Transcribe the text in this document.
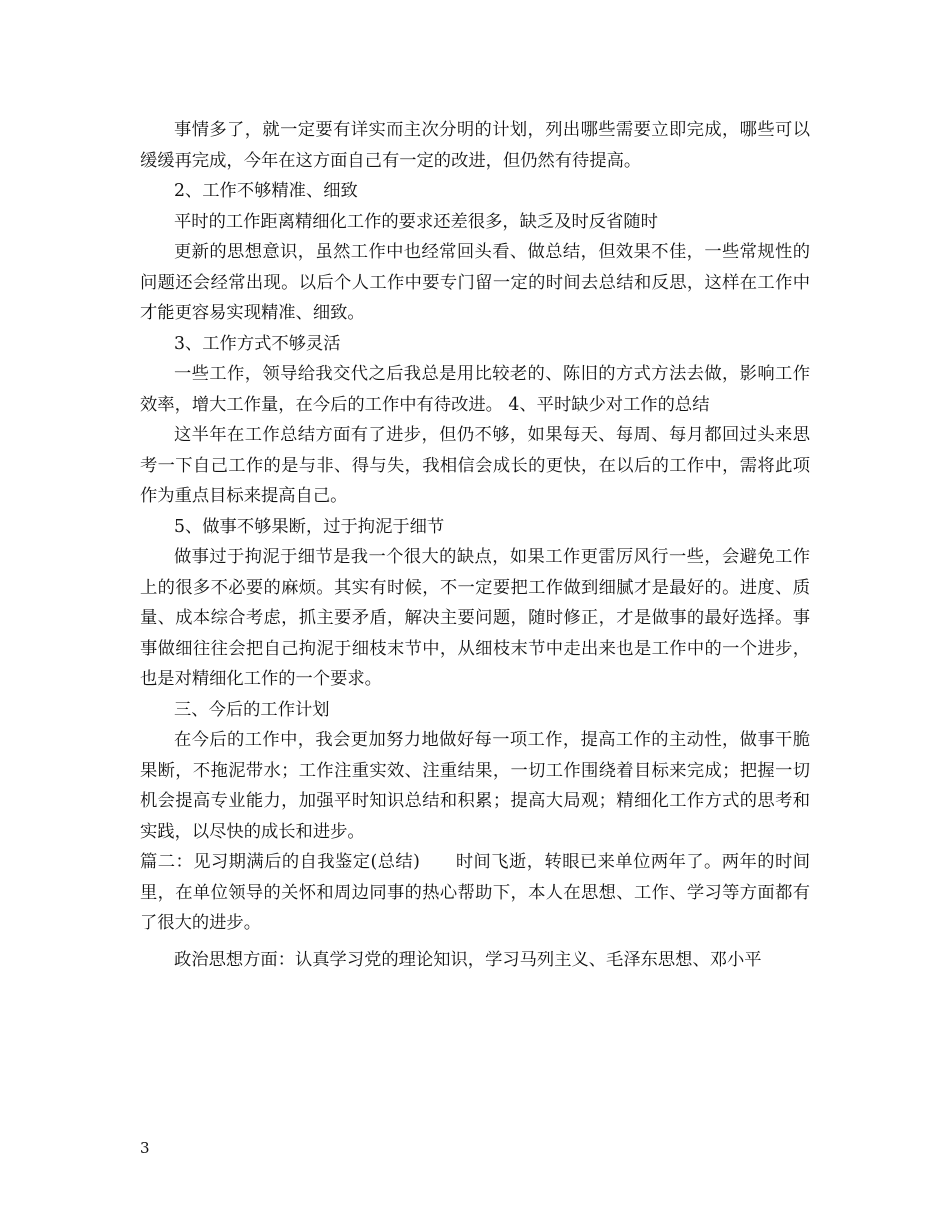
事情多了，就一定要有详实而主次分明的计划，列出哪些需要立即完成，哪些可以缓缓再完成，今年在这方面自己有一定的改进，但仍然有待提高。

2、工作不够精准、细致

平时的工作距离精细化工作的要求还差很多，缺乏及时反省随时

更新的思想意识，虽然工作中也经常回头看、做总结，但效果不佳，一些常规性的问题还会经常出现。以后个人工作中要专门留一定的时间去总结和反思，这样在工作中才能更容易实现精准、细致。

3、工作方式不够灵活

一些工作，领导给我交代之后我总是用比较老的、陈旧的方式方法去做，影响工作效率，增大工作量，在今后的工作中有待改进。 4、平时缺少对工作的总结

这半年在工作总结方面有了进步，但仍不够，如果每天、每周、每月都回过头来思考一下自己工作的是与非、得与失，我相信会成长的更快，在以后的工作中，需将此项作为重点目标来提高自己。

5、做事不够果断，过于拘泥于细节

做事过于拘泥于细节是我一个很大的缺点，如果工作更雷厉风行一些，会避免工作上的很多不必要的麻烦。其实有时候，不一定要把工作做到细腻才是最好的。进度、质量、成本综合考虑，抓主要矛盾，解决主要问题，随时修正，才是做事的最好选择。事事做细往往会把自己拘泥于细枝末节中，从细枝末节中走出来也是工作中的一个进步，也是对精细化工作的一个要求。

三、今后的工作计划

在今后的工作中，我会更加努力地做好每一项工作，提高工作的主动性，做事干脆果断，不拖泥带水；工作注重实效、注重结果，一切工作围绕着目标来完成；把握一切机会提高专业能力，加强平时知识总结和积累；提高大局观；精细化工作方式的思考和实践，以尽快的成长和进步。

篇二：见习期满后的自我鉴定(总结)　　时间飞逝，转眼已来单位两年了。两年的时间里，在单位领导的关怀和周边同事的热心帮助下，本人在思想、工作、学习等方面都有了很大的进步。

政治思想方面：认真学习党的理论知识，学习马列主义、毛泽东思想、邓小平

3
